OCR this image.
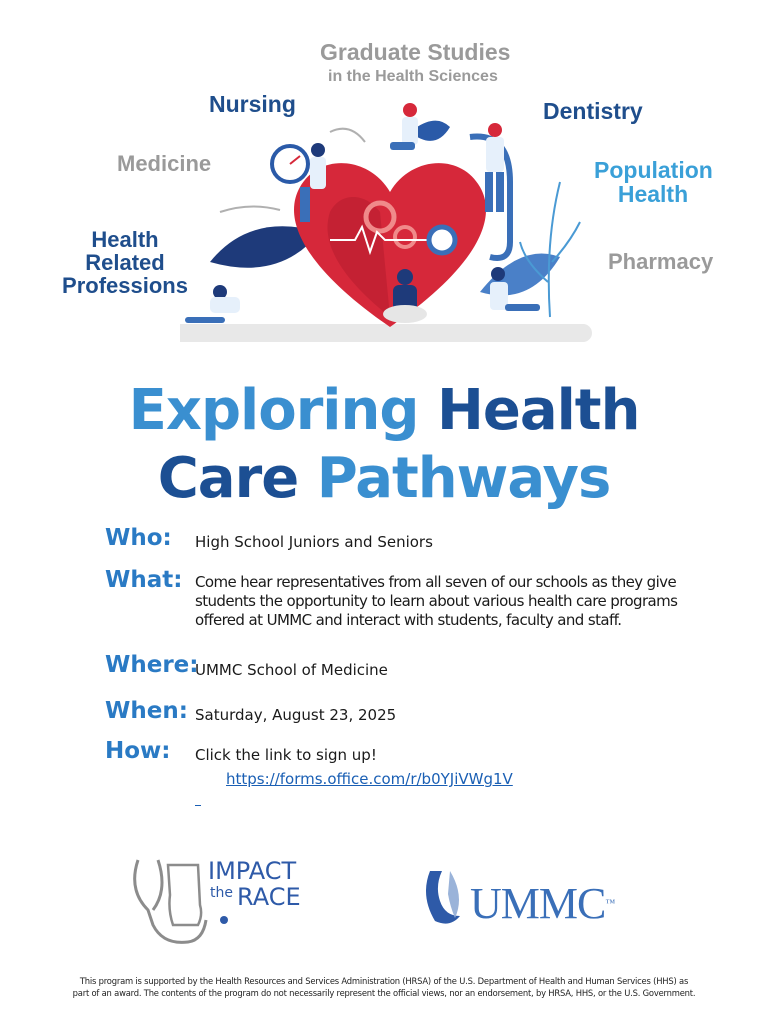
Graduate Studies
in the Health Sciences
Nursing	Dentistry
Medicine	Population
Health
Health Related
Professions
Pharmacy
Exploring Health
Care Pathways
Who: High School Juniors and Seniors
What: Come hear representatives from all seven of our schools as they give
students the opportunity to learn about various health care programs
offered at UMMC and interact with students, faculty and staff.
Where:
UMMC School of Medicine
When: Saturday, August 23, 2025
How: Click the link to sign up!
https://forms.office.com/r/b0YJiVWg1V
IMPACT
the RACE	UMMC™
This program is supported by the Health Resources and Services Administration (HRSA) of the U.S. Department of Health and Human Services (HHS) as
part of an award. The contents of the program do not necessarily represent the official views, nor an endorsement, by HRSA, HHS, or the U.S. Government.
